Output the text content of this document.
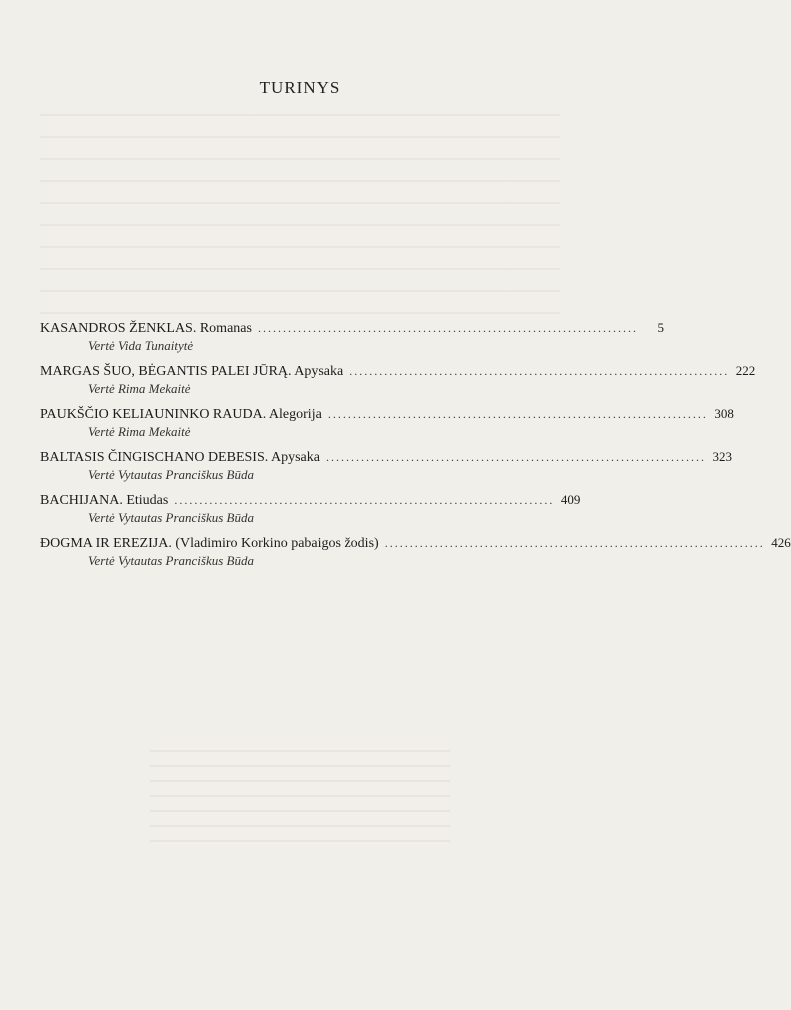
TURINYS
KASANDROS ŽENKLAS. Romanas ............................................................................	5
Vertė Vida Tunaitytė
MARGAS ŠUO, BĖGANTIS PALEI JŪRĄ. Apysaka ............................................................................ 222
Vertė Rima Mekaitė
PAUKŠČIO KELIAUNINKO RAUDA. Alegorija ............................................................................ 308
Vertė Rima Mekaitė
BALTASIS ČINGISCHANO DEBESIS. Apysaka ............................................................................ 323
Vertė Vytautas Pranciškus Būda
BACHIJANA. Etiudas ............................................................................ 409
Vertė Vytautas Pranciškus Būda
ĐOGMA IR EREZIJA. (Vladimiro Korkino pabaigos žodis) ............................................................................ 426
Vertė Vytautas Pranciškus Būda
